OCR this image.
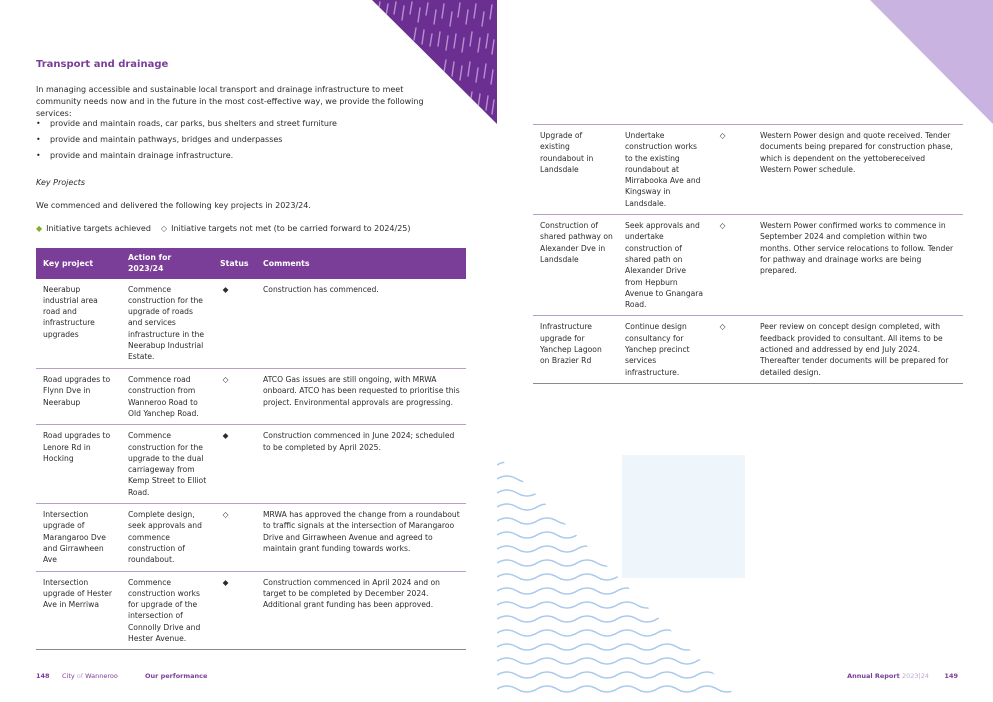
Transport and drainage

In managing accessible and sustainable local transport and drainage infrastructure to meet community needs now and in the future in the most cost-effective way, we provide the following services:

• provide and maintain roads, car parks, bus shelters and street furniture
• provide and maintain pathways, bridges and underpasses
• provide and maintain drainage infrastructure.
Key Projects
We commenced and delivered the following key projects in 2023/24.
◆ Initiative targets achieved ◇ Initiative targets not met (to be carried forward to 2024/25)
Key project	Action for 2023/24	Status	Comments
Neerabup industrial area road and infrastructure upgrades	Commence construction for the upgrade of roads and services infrastructure in the Neerabup Industrial Estate.	◆	Construction has commenced.
Road upgrades to Flynn Dve in Neerabup	Commence road construction from Wanneroo Road to Old Yanchep Road.	◇	ATCO Gas issues are still ongoing, with MRWA onboard. ATCO has been requested to prioritise this project. Environmental approvals are progressing.
Road upgrades to Lenore Rd in Hocking	Commence construction for the upgrade to the dual carriageway from Kemp Street to Elliot Road.	◆	Construction commenced in June 2024; scheduled to be completed by April 2025.
Intersection upgrade of Marangaroo Dve and Girrawheen Ave	Complete design, seek approvals and commence construction of roundabout.	◇	MRWA has approved the change from a roundabout to traffic signals at the intersection of Marangaroo Drive and Girrawheen Avenue and agreed to maintain grant funding towards works.
Intersection upgrade of Hester Ave in Merriwa	Commence construction works for upgrade of the intersection of Connolly Drive and Hester Avenue.	◆	Construction commenced in April 2024 and on target to be completed by December 2024. Additional grant funding has been approved.
148 City of Wanneroo	Our performance
Upgrade of existing roundabout in Landsdale	Undertake construction works to the existing roundabout at Mirrabooka Ave and Kingsway in Landsdale.	◇	Western Power design and quote received. Tender documents being prepared for construction phase, which is dependent on the yettobereceived Western Power schedule.
Construction of shared pathway on Alexander Dve in Landsdale	Seek approvals and undertake construction of shared path on Alexander Drive from Hepburn Avenue to Gnangara Road.	◇	Western Power confirmed works to commence in September 2024 and completion within two months. Other service relocations to follow. Tender for pathway and drainage works are being prepared.
Infrastructure upgrade for Yanchep Lagoon on Brazier Rd	Continue design consultancy for Yanchep precinct services infrastructure.	◇	Peer review on concept design completed, with feedback provided to consultant. All items to be actioned and addressed by end July 2024. Thereafter tender documents will be prepared for detailed design.
Annual Report 2023|24 149
